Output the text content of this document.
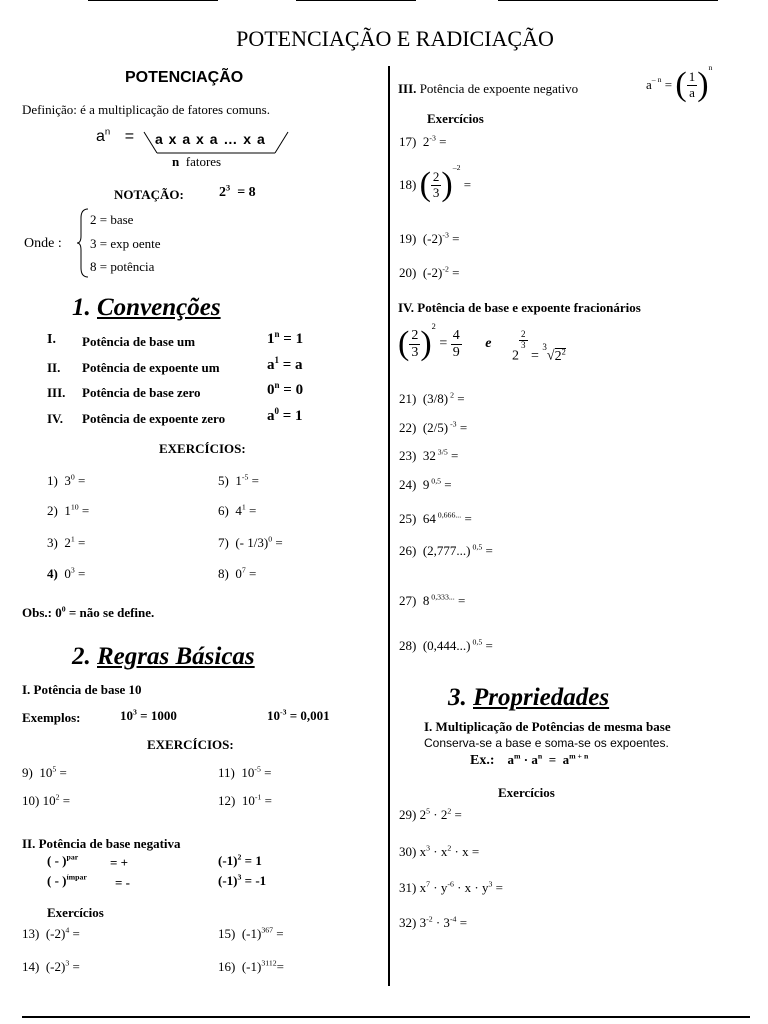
POTENCIAÇÃO E RADICIAÇÃO
POTENCIAÇÃO
Definição: é a multiplicação de fatores comuns.
$a^n = a$ x a x a … x a
n fatores
NOTAÇÃO:	$2^3 = 8$
Onde :
2 = base
3 = exp oente
8 = potência
1. Convenções
I. Potência de base um	$1^n = 1$
II. Potência de expoente um	$a^1 = a$
III. Potência de base zero	$0^n = 0$
IV. Potência de expoente zero	$a^0 = 1$
EXERCÍCIOS:
1) $3^0$ =	5) $1^{-5}$ =
2) $1^{10}$ =	6) $4^1$ =
3) $2^1$ =	7) (- 1/3)$^0$ =
4) $0^3$ =	8) $0^7$ =
Obs.: $0^0$ = não se define.
2. Regras Básicas
I. Potência de base 10
Exemplos:	$10^3 = 1000$	$10^{-3} = 0,001$
EXERCÍCIOS:
9) $10^5$ =	11) $10^{-5}$ =
10) $10^2$ =	12) $10^{-1}$ =
II. Potência de base negativa
( - )$^{par}$ = +	$(-1)^2 = 1$
( - )$^{ímpar}$ = -	$(-1)^3 = -1$
Exercícios
13) $(-2)^4$ =	15) $(-1)^{367}$ =
14) $(-2)^3$ =	16) $(-1)^{3112}=$
III. Potência de expoente negativo	$a^{- n}$ = ( $\frac{1}{a} )^n$
Exercícios
17) $2^{-3}$ =
18) ( $\frac{2}{3} )^{-2}$ =
19) $(-2)^{-3}$ =
20) $(-2)^{-2}$ =
IV. Potência de base e expoente fracionários
( $\frac{2}{3} )^2 = \frac{4}{9}$ e
2
$\frac{2}{3}$
= $^3√2^2$
21) (3/8) $^2$ =
22) (2/5) $^{-3}$ =
23) 32 $^{3/5}$ =
24) 9 $^{0,5}$ =
25)  64 $^{0,666...}$ =
26) (2,777...) $^{0,5}$ =
27) 8 $^{0,333...}$ =
28) (0,444...) $^{0,5}$ =
3. Propriedades
I. Multiplicação de Potências de mesma base
Conserva-se a base e soma-se os expoentes.
Ex.: $a^m \cdot a^n = a^{m + n}$
Exercícios
29) $2^5 \cdot 2^2$ =
30) $x^3 \cdot x^2 \cdot x$ =
31) $x^7 \cdot y^{-6} \cdot x \cdot y^3$ =
32) $3^{-2} \cdot 3^{-4}$ =
